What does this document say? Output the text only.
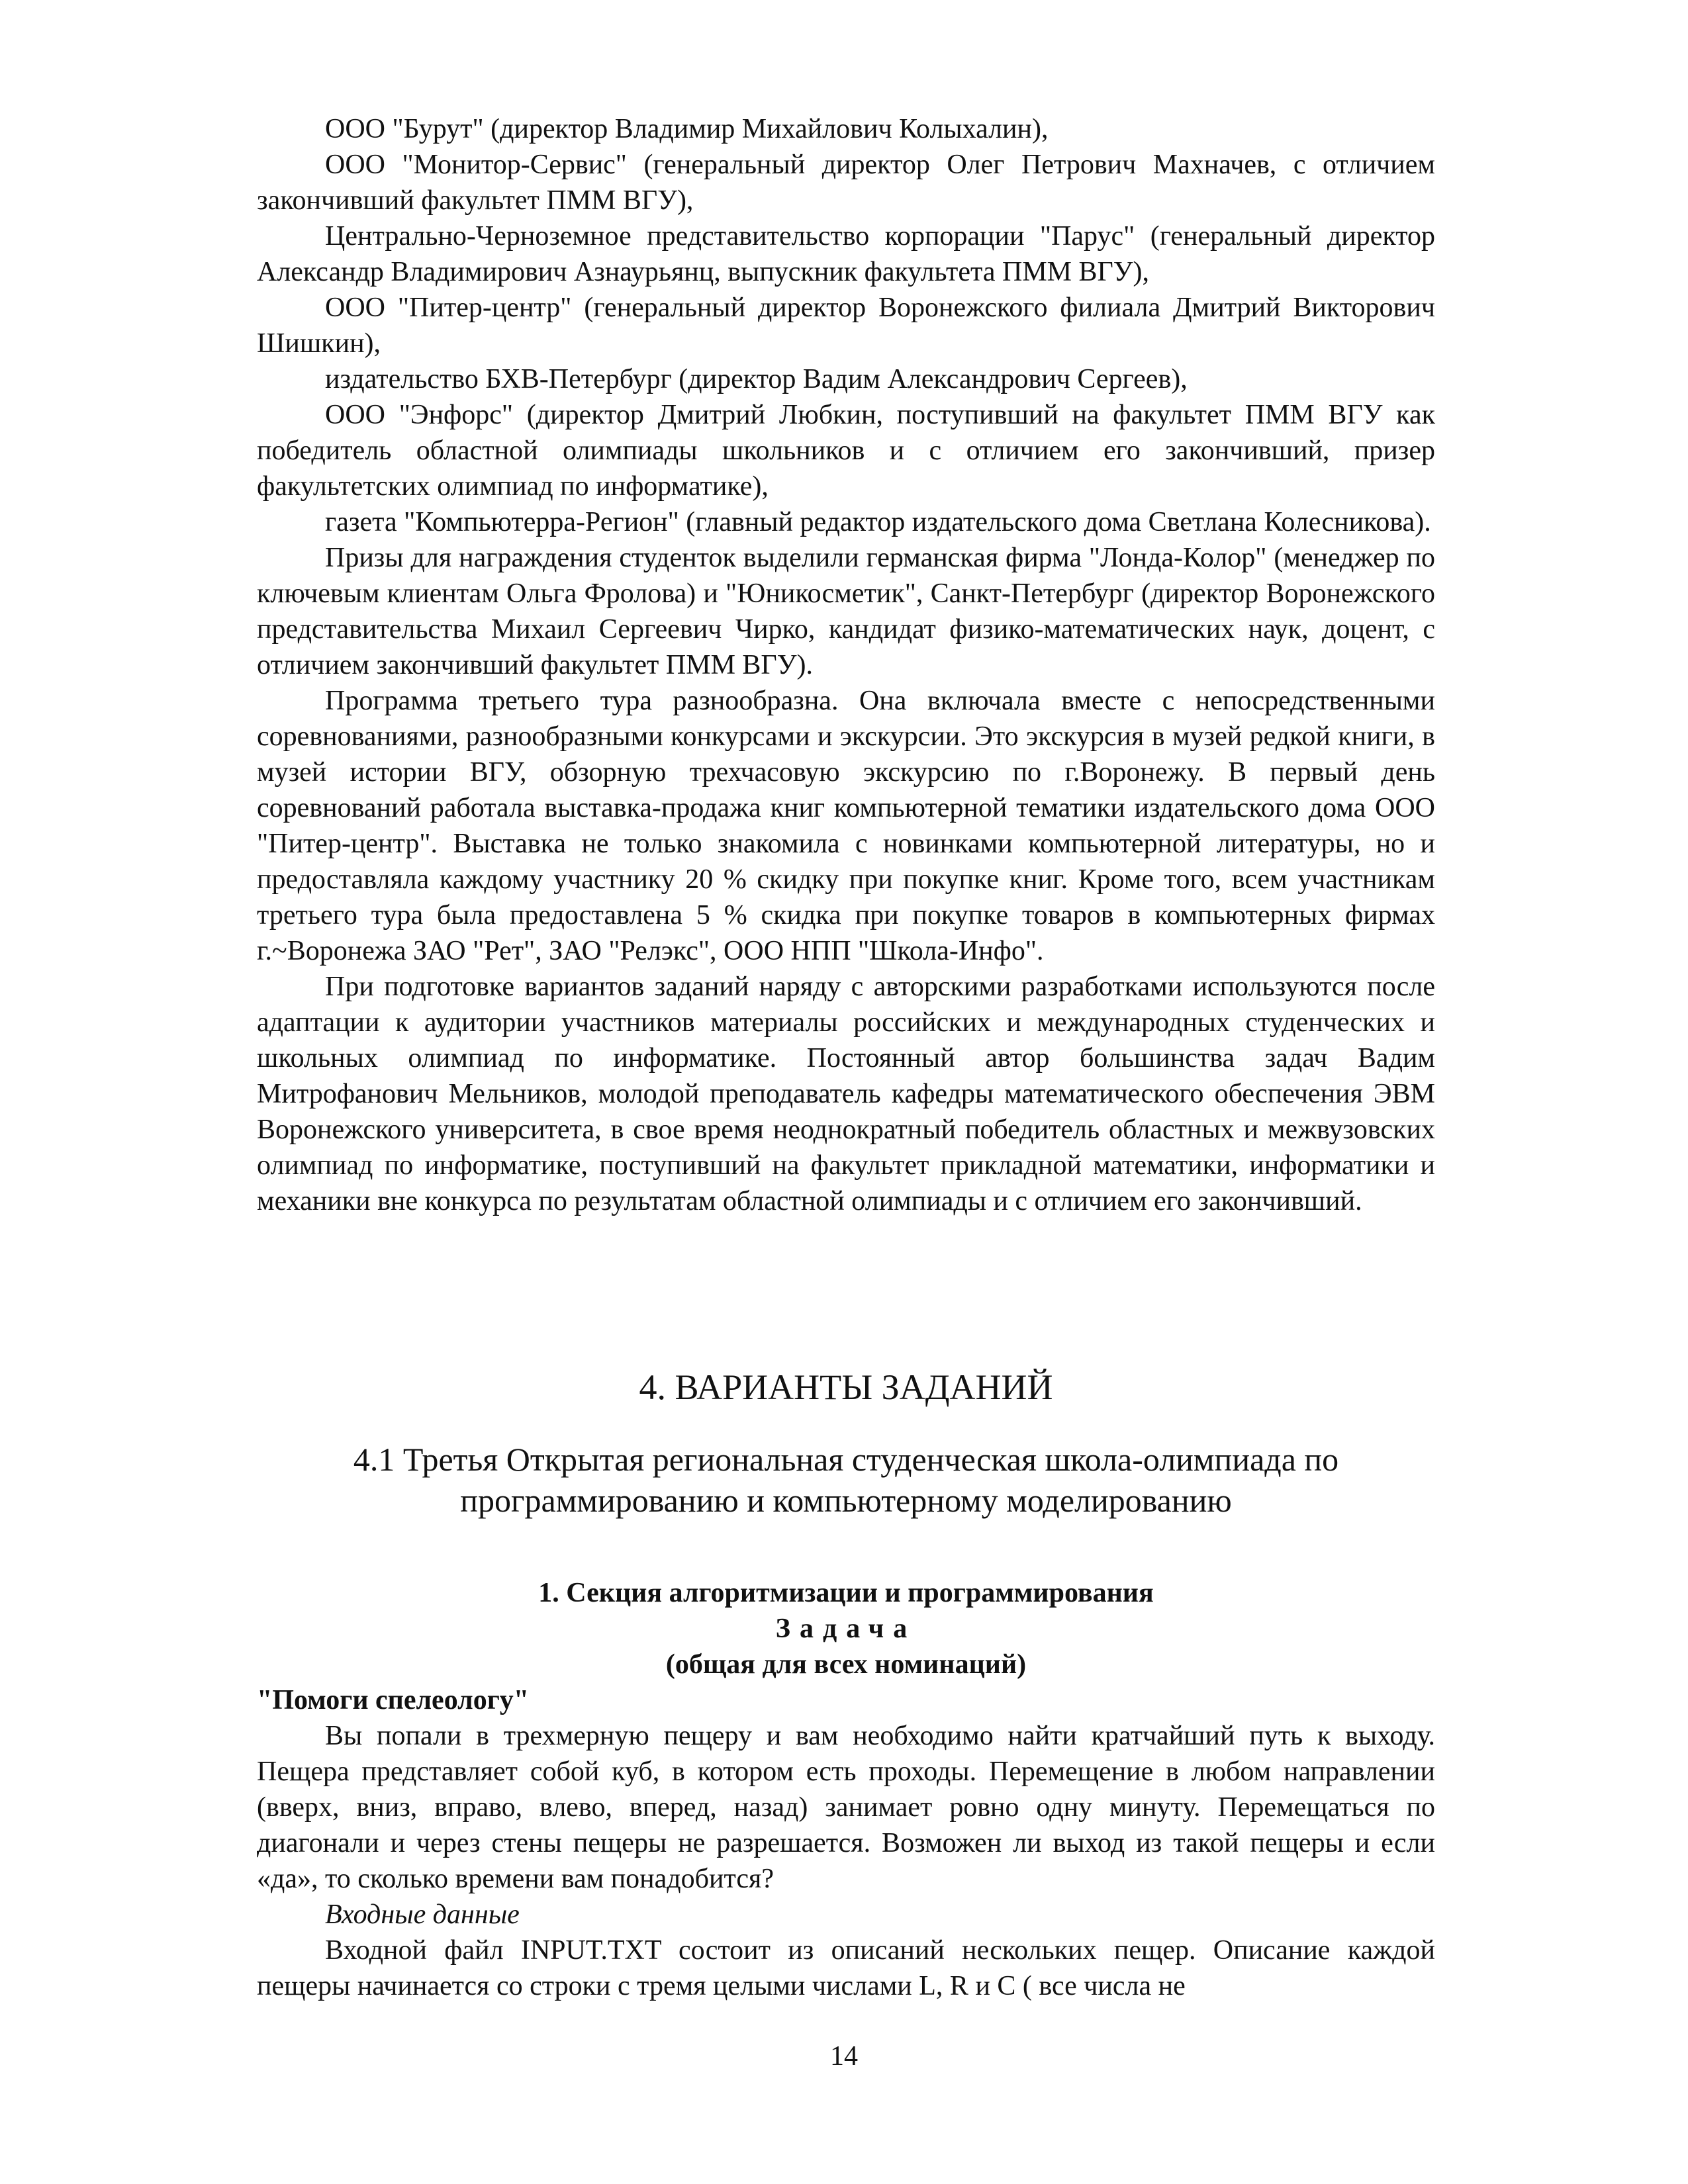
ООО "Бурут" (директор Владимир Михайлович Колыхалин),

ООО "Монитор-Сервис" (генеральный директор Олег Петрович Махначев, с отличием закончивший факультет ПММ ВГУ),

Центрально-Черноземное представительство корпорации "Парус" (генеральный директор Александр Владимирович Азнаурьянц, выпускник факультета ПММ ВГУ),

ООО "Питер-центр" (генеральный директор Воронежского филиала Дмитрий Викторович Шишкин),

издательство БХВ-Петербург (директор Вадим Александрович Сергеев),

ООО "Энфорс" (директор Дмитрий Любкин, поступивший на факультет ПММ ВГУ как победитель областной олимпиады школьников и с отличием его закончивший, призер факультетских олимпиад по информатике),

газета "Компьютерра-Регион" (главный редактор издательского дома Светлана Колесникова).

Призы для награждения студенток выделили германская фирма "Лонда-Колор" (менеджер по ключевым клиентам Ольга Фролова) и "Юникосметик", Санкт-Петербург (директор Воронежского представительства Михаил Сергеевич Чирко, кандидат физико-математических наук, доцент, с отличием закончивший факультет ПММ ВГУ).

Программа третьего тура разнообразна. Она включала вместе с непосредственными соревнованиями, разнообразными конкурсами и экскурсии. Это экскурсия в музей редкой книги, в музей истории ВГУ, обзорную трехчасовую экскурсию по г.Воронежу. В первый день соревнований работала выставка-продажа книг компьютерной тематики издательского дома ООО "Питер-центр". Выставка не только знакомила с новинками компьютерной литературы, но и предоставляла каждому участнику 20 % скидку при покупке книг. Кроме того, всем участникам третьего тура была предоставлена 5 % скидка при покупке товаров в компьютерных фирмах г.~Воронежа ЗАО "Рет", ЗАО "Релэкс", ООО НПП "Школа-Инфо".

При подготовке вариантов заданий наряду с авторскими разработками используются после адаптации к аудитории участников материалы российских и международных студенческих и школьных олимпиад по информатике. Постоянный автор большинства задач Вадим Митрофанович Мельников, молодой преподаватель кафедры математического обеспечения ЭВМ Воронежского университета, в свое время неоднократный победитель областных и межвузовских олимпиад по информатике, поступивший на факультет прикладной математики, информатики и механики вне конкурса по результатам областной олимпиады и с отличием его закончивший.

4. ВАРИАНТЫ ЗАДАНИЙ
4.1 Третья Открытая региональная студенческая школа-олимпиада по
программированию и компьютерному моделированию

1. Секция алгоритмизации и программирования

Задача

(общая для всех номинаций)

"Помоги спелеологу"

Вы попали в трехмерную пещеру и вам необходимо найти кратчайший путь к выходу. Пещера представляет собой куб, в котором есть проходы. Перемещение в любом направлении (вверх, вниз, вправо, влево, вперед, назад) занимает ровно одну минуту. Перемещаться по диагонали и через стены пещеры не разрешается. Возможен ли выход из такой пещеры и если «да», то сколько времени вам понадобится?

Входные данные

Входной файл INPUT.TXT состоит из описаний нескольких пещер. Описание каждой пещеры начинается со строки с тремя целыми числами L, R и C ( все числа не

14
